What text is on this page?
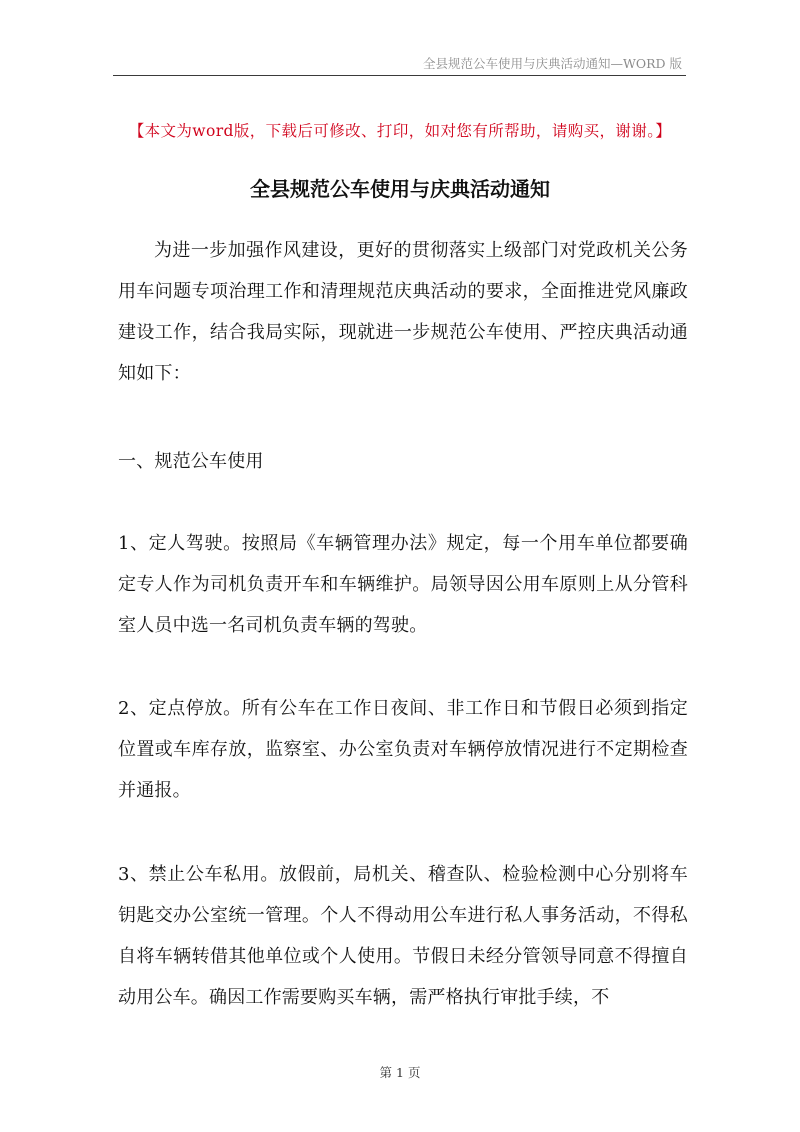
全县规范公车使用与庆典活动通知—WORD 版
【本文为word版，下载后可修改、打印，如对您有所帮助，请购买，谢谢。】
全县规范公车使用与庆典活动通知
为进一步加强作风建设，更好的贯彻落实上级部门对党政机关公务用车问题专项治理工作和清理规范庆典活动的要求，全面推进党风廉政建设工作，结合我局实际，现就进一步规范公车使用、严控庆典活动通知如下：
一、规范公车使用
1、定人驾驶。按照局《车辆管理办法》规定，每一个用车单位都要确定专人作为司机负责开车和车辆维护。局领导因公用车原则上从分管科室人员中选一名司机负责车辆的驾驶。
2、定点停放。所有公车在工作日夜间、非工作日和节假日必须到指定位置或车库存放，监察室、办公室负责对车辆停放情况进行不定期检查并通报。
3、禁止公车私用。放假前，局机关、稽查队、检验检测中心分别将车钥匙交办公室统一管理。个人不得动用公车进行私人事务活动，不得私自将车辆转借其他单位或个人使用。节假日未经分管领导同意不得擅自动用公车。确因工作需要购买车辆，需严格执行审批手续，不
第 1 页
